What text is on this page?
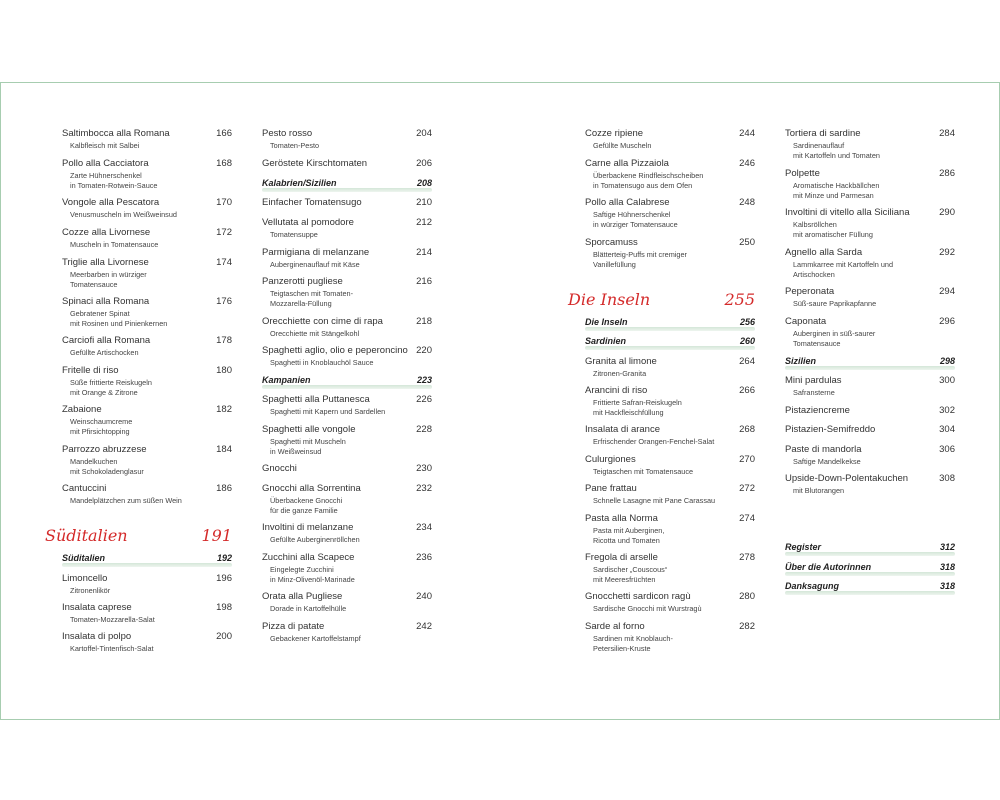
Saltimbocca alla Romana	166
Kalbfleisch mit Salbei
Pollo alla Cacciatora	168
Zarte Hühnerschenkel
in Tomaten-Rotwein-Sauce
Vongole alla Pescatora	170
Venusmuscheln im Weißweinsud
Cozze alla Livornese	172
Muscheln in Tomatensauce
Triglie alla Livornese	174
Meerbarben in würziger
Tomatensauce
Spinaci alla Romana	176
Gebratener Spinat
mit Rosinen und Pinienkernen
Carciofi alla Romana	178
Gefüllte Artischocken
Fritelle di riso	180
Süße frittierte Reiskugeln
mit Orange & Zitrone
Zabaione	182
Weinschaumcreme
mit Pfirsichtopping
Parrozzo abruzzese	184
Mandelkuchen
mit Schokoladenglasur
Cantuccini	186
Mandelplätzchen zum süßen Wein
Süditalien	191
Süditalien	192
Limoncello	196
Zitronenlikör
Insalata caprese	198
Tomaten-Mozzarella-Salat
Insalata di polpo	200
Kartoffel-Tintenfisch-Salat
Pesto rosso	204
Tomaten-Pesto
Geröstete Kirschtomaten	206
Kalabrien/Sizilien	208
Einfacher Tomatensugo	210
Vellutata al pomodore	212
Tomatensuppe
Parmigiana di melanzane	214
Auberginenauflauf mit Käse
Panzerotti pugliese	216
Teigtaschen mit Tomaten-
Mozzarella-Füllung
Orecchiette con cime di rapa	218
Orecchiette mit Stängelkohl
Spaghetti aglio, olio e peperoncino 220
Spaghetti in Knoblauchöl Sauce
Kampanien	223
Spaghetti alla Puttanesca	226
Spaghetti mit Kapern und Sardellen
Spaghetti alle vongole	228
Spaghetti mit Muscheln
in Weißweinsud
Gnocchi	230
Gnocchi alla Sorrentina	232
Überbackene Gnocchi
für die ganze Familie
Involtini di melanzane	234
Gefüllte Auberginenröllchen
Zucchini alla Scapece	236
Eingelegte Zucchini
in Minz-Olivenöl-Marinade
Orata alla Pugliese	240
Dorade in Kartoffelhülle
Pizza di patate	242
Gebackener Kartoffelstampf
Cozze ripiene	244
Gefüllte Muscheln
Carne alla Pizzaiola	246
Überbackene Rindfleischscheiben
in Tomatensugo aus dem Ofen
Pollo alla Calabrese	248
Saftige Hühnerschenkel
in würziger Tomatensauce
Sporcamuss	250
Blätterteig-Puffs mit cremiger
Vanillefüllung
Die Inseln	255
Die Inseln	256
Sardinien	260
Granita al limone	264
Zitronen-Granita
Arancini di riso	266
Frittierte Safran-Reiskugeln
mit Hackfleischfüllung
Insalata di arance	268
Erfrischender Orangen-Fenchel-Salat
Culurgiones	270
Teigtaschen mit Tomatensauce
Pane frattau	272
Schnelle Lasagne mit Pane Carassau
Pasta alla Norma	274
Pasta mit Auberginen,
Ricotta und Tomaten
Fregola di arselle	278
Sardischer „Couscous“
mit Meeresfrüchten
Gnocchetti sardicon ragù	280
Sardische Gnocchi mit Wurstragù
Sarde al forno	282
Sardinen mit Knoblauch-
Petersilien-Kruste
Tortiera di sardine	284
Sardinenauflauf
mit Kartoffeln und Tomaten
Polpette	286
Aromatische Hackbällchen
mit Minze und Parmesan
Involtini di vitello alla Siciliana	290
Kalbsröllchen
mit aromatischer Füllung
Agnello alla Sarda	292
Lammkarree mit Kartoffeln und
Artischocken
Peperonata	294
Süß-saure Paprikapfanne
Caponata	296
Auberginen in süß-saurer
Tomatensauce
Sizilien	298
Mini pardulas	300
Safransterne
Pistaziencreme	302
Pistazien-Semifreddo	304
Paste di mandorla	306
Saftige Mandelkekse
Upside-Down-Polentakuchen	308
mit Blutorangen
Register	312
Über die Autorinnen	318
Danksagung	318
